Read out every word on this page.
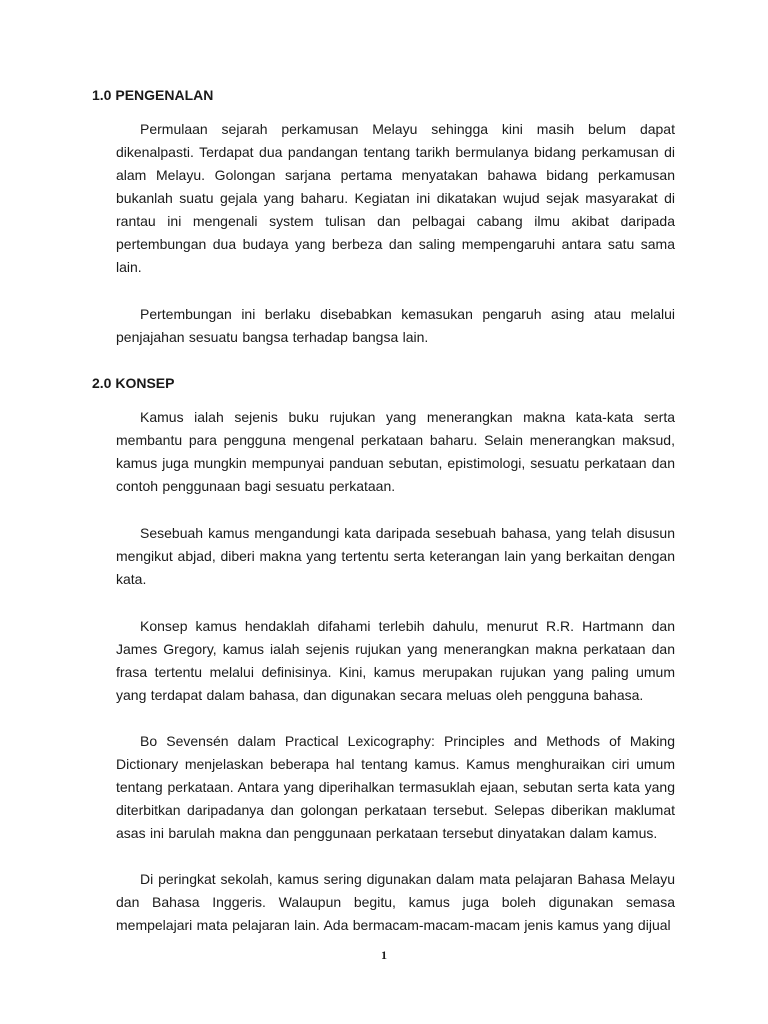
1.0 PENGENALAN

Permulaan sejarah perkamusan Melayu sehingga kini masih belum dapat dikenalpasti. Terdapat dua pandangan tentang tarikh bermulanya bidang perkamusan di alam Melayu. Golongan sarjana pertama menyatakan bahawa bidang perkamusan bukanlah suatu gejala yang baharu. Kegiatan ini dikatakan wujud sejak masyarakat di rantau ini mengenali system tulisan dan pelbagai cabang ilmu akibat daripada pertembungan dua budaya yang berbeza dan saling mempengaruhi antara satu sama lain.

Pertembungan ini berlaku disebabkan kemasukan pengaruh asing atau melalui penjajahan sesuatu bangsa terhadap bangsa lain.

2.0 KONSEP

Kamus ialah sejenis buku rujukan yang menerangkan makna kata-kata serta membantu para pengguna mengenal perkataan baharu. Selain menerangkan maksud, kamus juga mungkin mempunyai panduan sebutan, epistimologi, sesuatu perkataan dan contoh penggunaan bagi sesuatu perkataan.

Sesebuah kamus mengandungi kata daripada sesebuah bahasa, yang telah disusun mengikut abjad, diberi makna yang tertentu serta keterangan lain yang berkaitan dengan kata.

Konsep kamus hendaklah difahami terlebih dahulu, menurut R.R. Hartmann dan James Gregory, kamus ialah sejenis rujukan yang menerangkan makna perkataan dan frasa tertentu melalui definisinya. Kini, kamus merupakan rujukan yang paling umum yang terdapat dalam bahasa, dan digunakan secara meluas oleh pengguna bahasa.

Bo Sevensén dalam Practical Lexicography: Principles and Methods of Making Dictionary menjelaskan beberapa hal tentang kamus. Kamus menghuraikan ciri umum tentang perkataan. Antara yang diperihalkan termasuklah ejaan, sebutan serta kata yang diterbitkan daripadanya dan golongan perkataan tersebut. Selepas diberikan maklumat asas ini barulah makna dan penggunaan perkataan tersebut dinyatakan dalam kamus.

Di peringkat sekolah, kamus sering digunakan dalam mata pelajaran Bahasa Melayu dan Bahasa Inggeris. Walaupun begitu, kamus juga boleh digunakan semasa mempelajari mata pelajaran lain. Ada bermacam-macam-macam jenis kamus yang dijual

1
